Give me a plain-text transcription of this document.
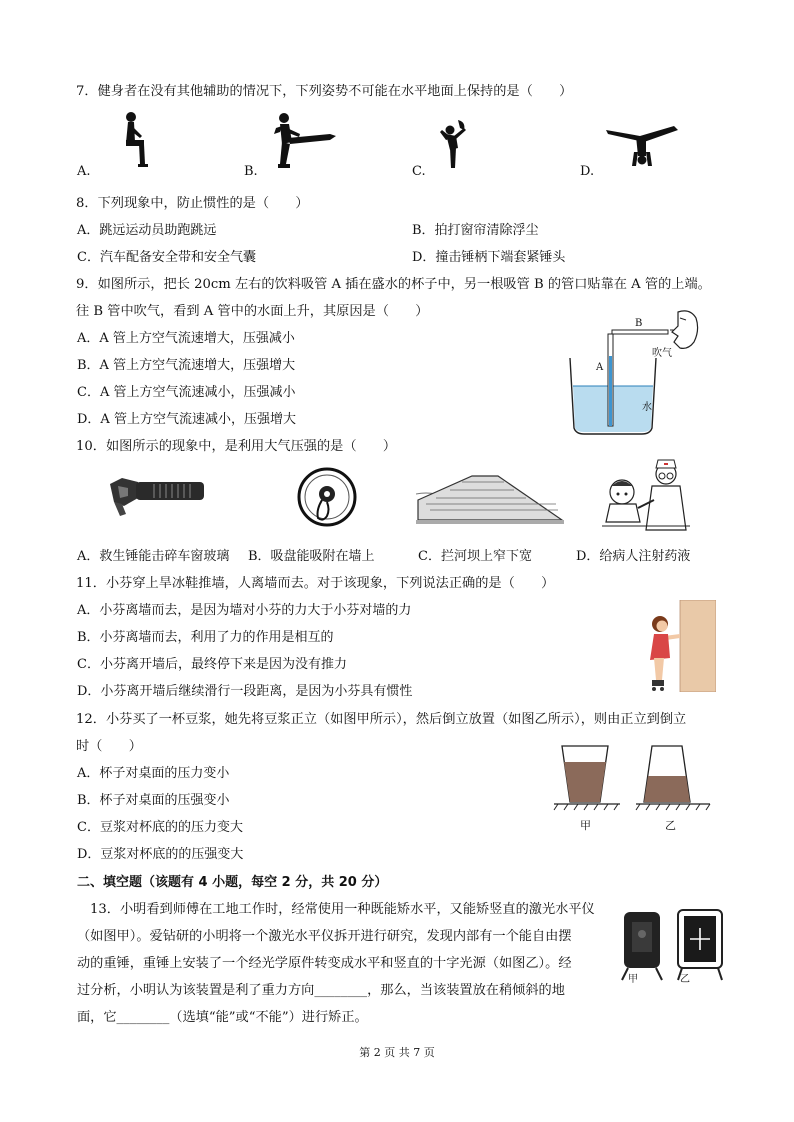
7．健身者在没有其他辅助的情况下，下列姿势不可能在水平地面上保持的是（　　）
A.	B.	C.	D.
8．下列现象中，防止惯性的是（　　）
A．跳远运动员助跑跳远	B．拍打窗帘清除浮尘
C．汽车配备安全带和安全气囊	D．撞击锤柄下端套紧锤头
9．如图所示，把长 20cm 左右的饮料吸管 A 插在盛水的杯子中，另一根吸管 B 的管口贴靠在 A 管的上端。
往 B 管中吹气，看到 A 管中的水面上升，其原因是（　　）
A．A 管上方空气流速增大，压强减小
B．A 管上方空气流速增大，压强增大
C．A 管上方空气流速减小，压强减小
D．A 管上方空气流速减小，压强增大
B
A
吹气
水
10．如图所示的现象中，是利用大气压强的是（　　）
A．救生锤能击碎车窗玻璃 B．吸盘能吸附在墙上	C．拦河坝上窄下宽	D．给病人注射药液
11．小芬穿上旱冰鞋推墙，人离墙而去。对于该现象，下列说法正确的是（　　）
A．小芬离墙而去，是因为墙对小芬的力大于小芬对墙的力
B．小芬离墙而去，利用了力的作用是相互的
C．小芬离开墙后，最终停下来是因为没有推力
D．小芬离开墙后继续滑行一段距离，是因为小芬具有惯性
12．小芬买了一杯豆浆，她先将豆浆正立（如图甲所示），然后倒立放置（如图乙所示），则由正立到倒立
时（　　）
A．杯子对桌面的压力变小
B．杯子对桌面的压强变小
C．豆浆对杯底的的压力变大
D．豆浆对杯底的的压强变大
甲	乙
二、填空题（该题有 4 小题，每空 2 分，共 20 分）
13．小明看到师傅在工地工作时，经常使用一种既能矫水平，又能矫竖直的激光水平仪
（如图甲）。爱钻研的小明将一个激光水平仪拆开进行研究，发现内部有一个能自由摆
动的重锤，重锤上安装了一个经光学原件转变成水平和竖直的十字光源（如图乙）。经
过分析，小明认为该装置是利了重力方向________，那么，当该装置放在稍倾斜的地
面，它________（选填“能”或“不能”）进行矫正。
甲	乙
第 2 页 共 7 页
